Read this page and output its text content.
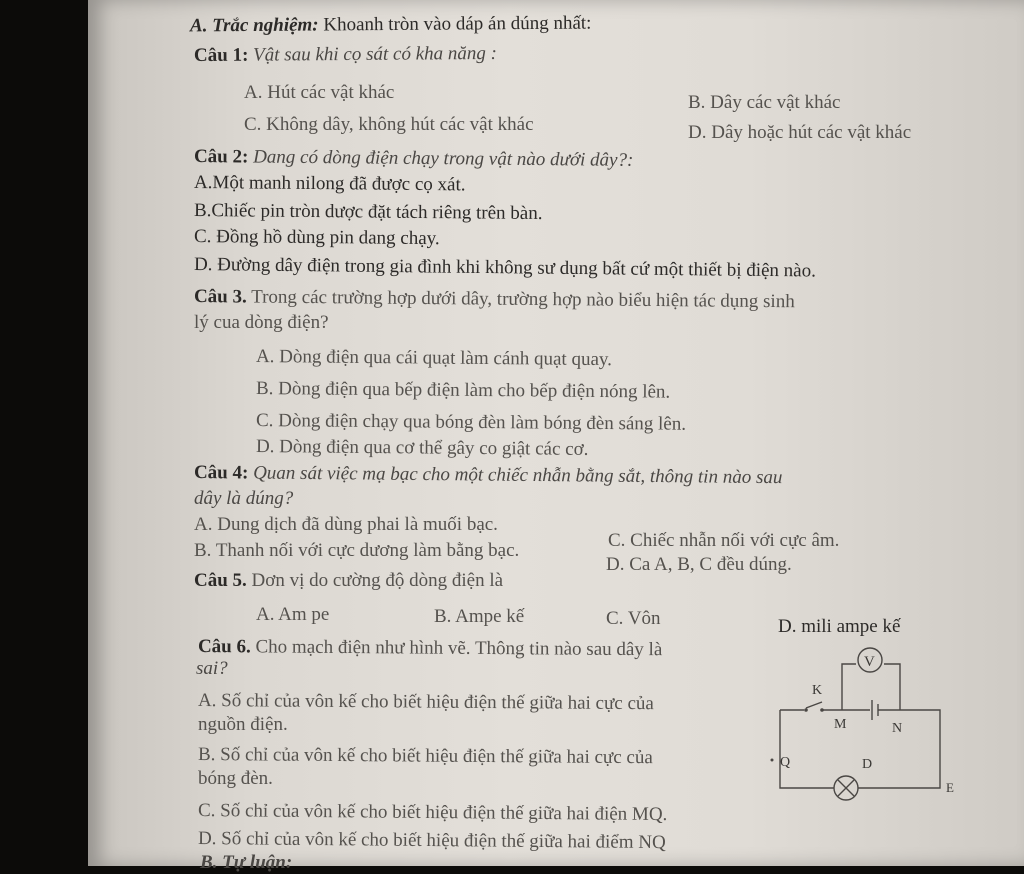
A. Trắc nghiệm: Khoanh tròn vào dáp án dúng nhất:
Câu 1: Vật sau khi cọ sát có kha năng :
A. Hút các vật khác	B. Dây các vật khác
C. Không dây, không hút các vật khác	D. Dây hoặc hút các vật khác
Câu 2: Dang có dòng điện chạy trong vật nào dưới dây?:
A.Một manh nilong đã được cọ xát.
B.Chiếc pin tròn dược đặt tách riêng trên bàn.
C. Đồng hồ dùng pin dang chạy.
D. Đường dây điện trong gia đình khi không sư dụng bất cứ một thiết bị điện nào.
Câu 3. Trong các trường hợp dưới dây, trường hợp nào biểu hiện tác dụng sinh
lý cua dòng điện?
A. Dòng điện qua cái quạt làm cánh quạt quay.
B. Dòng điện qua bếp điện làm cho bếp điện nóng lên.
C. Dòng điện chạy qua bóng đèn làm bóng đèn sáng lên.
D. Dòng điện qua cơ thể gây co giật các cơ.
Câu 4: Quan sát việc mạ bạc cho một chiếc nhẫn bằng sắt, thông tin nào sau
dây là dúng?
A. Dung dịch đã dùng phai là muối bạc.
C. Chiếc nhẫn nối với cực âm.
B. Thanh nối với cực dương làm bằng bạc.
D. Ca A, B, C đều dúng.
Câu 5. Dơn vị do cường độ dòng điện là
A. Am pe	B. Ampe kế	C. Vôn	D. mili ampe kế
Câu 6. Cho mạch điện như hình vẽ. Thông tin nào sau dây là
sai?
A. Số chỉ của vôn kế cho biết hiệu điện thế giữa hai cực của
nguồn điện.
B. Số chỉ của vôn kế cho biết hiệu điện thế giữa hai cực của
bóng đèn.
C. Số chỉ của vôn kế cho biết hiệu điện thế giữa hai điện MQ.
D. Số chỉ của vôn kế cho biết hiệu điện thế giữa hai điểm NQ
B. Tự luận:
V
K
M	N
Q	D
E
